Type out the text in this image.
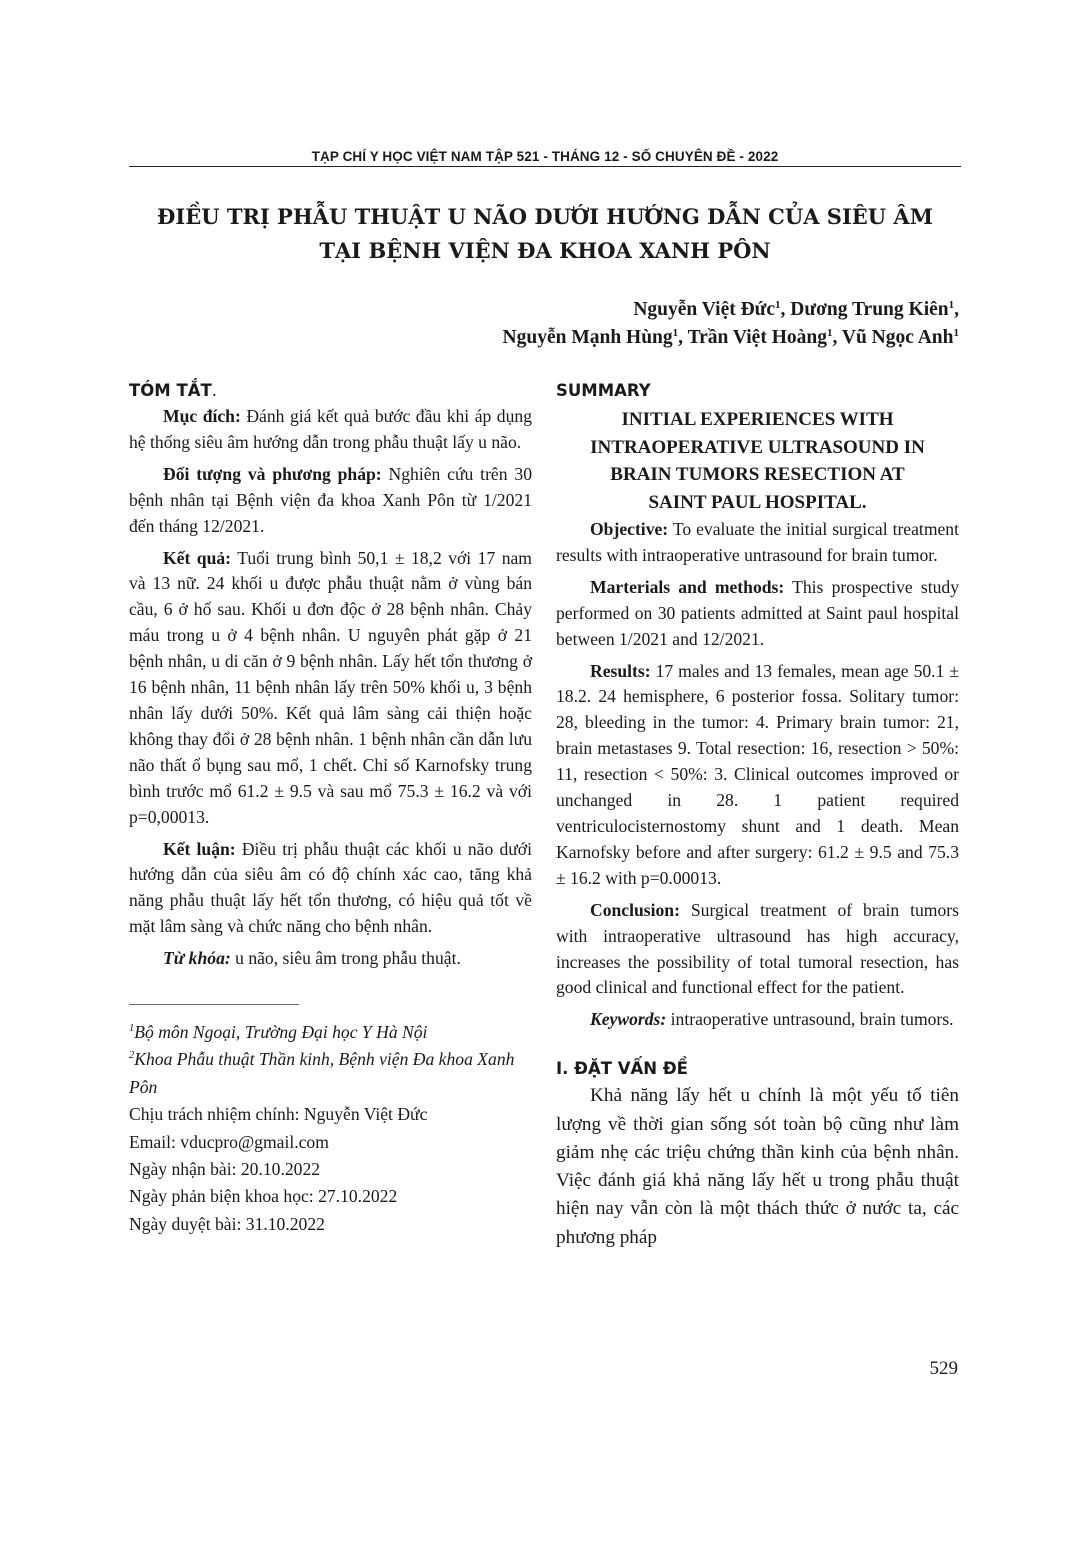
TẠP CHÍ Y HỌC VIỆT NAM TẬP 521 - THÁNG 12 - SỐ CHUYÊN ĐỀ - 2022
ĐIỀU TRỊ PHẪU THUẬT U NÃO DƯỚI HƯỚNG DẪN CỦA SIÊU ÂM
TẠI BỆNH VIỆN ĐA KHOA XANH PÔN
Nguyễn Việt Đức$^1$, Dương Trung Kiên$^1$,
Nguyễn Mạnh Hùng$^1$, Trần Việt Hoàng$^1$, Vũ Ngọc Anh$^1$
TÓM TẮT.

Mục đích: Đánh giá kết quả bước đầu khi áp dụng hệ thống siêu âm hướng dẫn trong phẫu thuật lấy u não.

Đối tượng và phương pháp: Nghiên cứu trên 30 bệnh nhân tại Bệnh viện đa khoa Xanh Pôn từ 1/2021 đến tháng 12/2021.

Kết quả: Tuổi trung bình 50,1 ± 18,2 với 17 nam và 13 nữ. 24 khối u được phẫu thuật nằm ở vùng bán cầu, 6 ở hố sau. Khối u đơn độc ở 28 bệnh nhân. Chảy máu trong u ở 4 bệnh nhân. U nguyên phát gặp ở 21 bệnh nhân, u di căn ở 9 bệnh nhân. Lấy hết tổn thương ở 16 bệnh nhân, 11 bệnh nhân lấy trên 50% khối u, 3 bệnh nhân lấy dưới 50%. Kết quả lâm sàng cải thiện hoặc không thay đổi ở 28 bệnh nhân. 1 bệnh nhân cần dẫn lưu não thất ổ bụng sau mổ, 1 chết. Chỉ số Karnofsky trung bình trước mổ 61.2 ± 9.5 và sau mổ 75.3 ± 16.2 và với p=0,00013.

Kết luận: Điều trị phẫu thuật các khối u não dưới hướng dẫn của siêu âm có độ chính xác cao, tăng khả năng phẫu thuật lấy hết tổn thương, có hiệu quả tốt về mặt lâm sàng và chức năng cho bệnh nhân.

Từ khóa: u não, siêu âm trong phẫu thuật.

$^1$Bộ môn Ngoại, Trường Đại học Y Hà Nội
$^2$Khoa Phẫu thuật Thần kinh, Bệnh viện Đa khoa Xanh Pôn
Chịu trách nhiệm chính: Nguyễn Việt Đức
Email: vducpro@gmail.com
Ngày nhận bài: 20.10.2022
Ngày phản biện khoa học: 27.10.2022
Ngày duyệt bài: 31.10.2022
SUMMARY
INITIAL EXPERIENCES WITH
INTRAOPERATIVE ULTRASOUND IN
BRAIN TUMORS RESECTION AT
SAINT PAUL HOSPITAL.

Objective: To evaluate the initial surgical treatment results with intraoperative untrasound for brain tumor.

Marterials and methods: This prospective study performed on 30 patients admitted at Saint paul hospital between 1/2021 and 12/2021.

Results: 17 males and 13 females, mean age 50.1 ± 18.2. 24 hemisphere, 6 posterior fossa. Solitary tumor: 28, bleeding in the tumor: 4. Primary brain tumor: 21, brain metastases 9. Total resection: 16, resection > 50%: 11, resection < 50%: 3. Clinical outcomes improved or unchanged in 28. 1 patient required ventriculocisternostomy shunt and 1 death. Mean Karnofsky before and after surgery: 61.2 ± 9.5 and 75.3 ± 16.2 with p=0.00013.

Conclusion: Surgical treatment of brain tumors with intraoperative ultrasound has high accuracy, increases the possibility of total tumoral resection, has good clinical and functional effect for the patient.

Keywords: intraoperative untrasound, brain tumors.

I. ĐẶT VẤN ĐỀ

Khả năng lấy hết u chính là một yếu tố tiên lượng về thời gian sống sót toàn bộ cũng như làm giảm nhẹ các triệu chứng thần kinh của bệnh nhân. Việc đánh giá khả năng lấy hết u trong phẫu thuật hiện nay vẫn còn là một thách thức ở nước ta, các phương pháp

529
